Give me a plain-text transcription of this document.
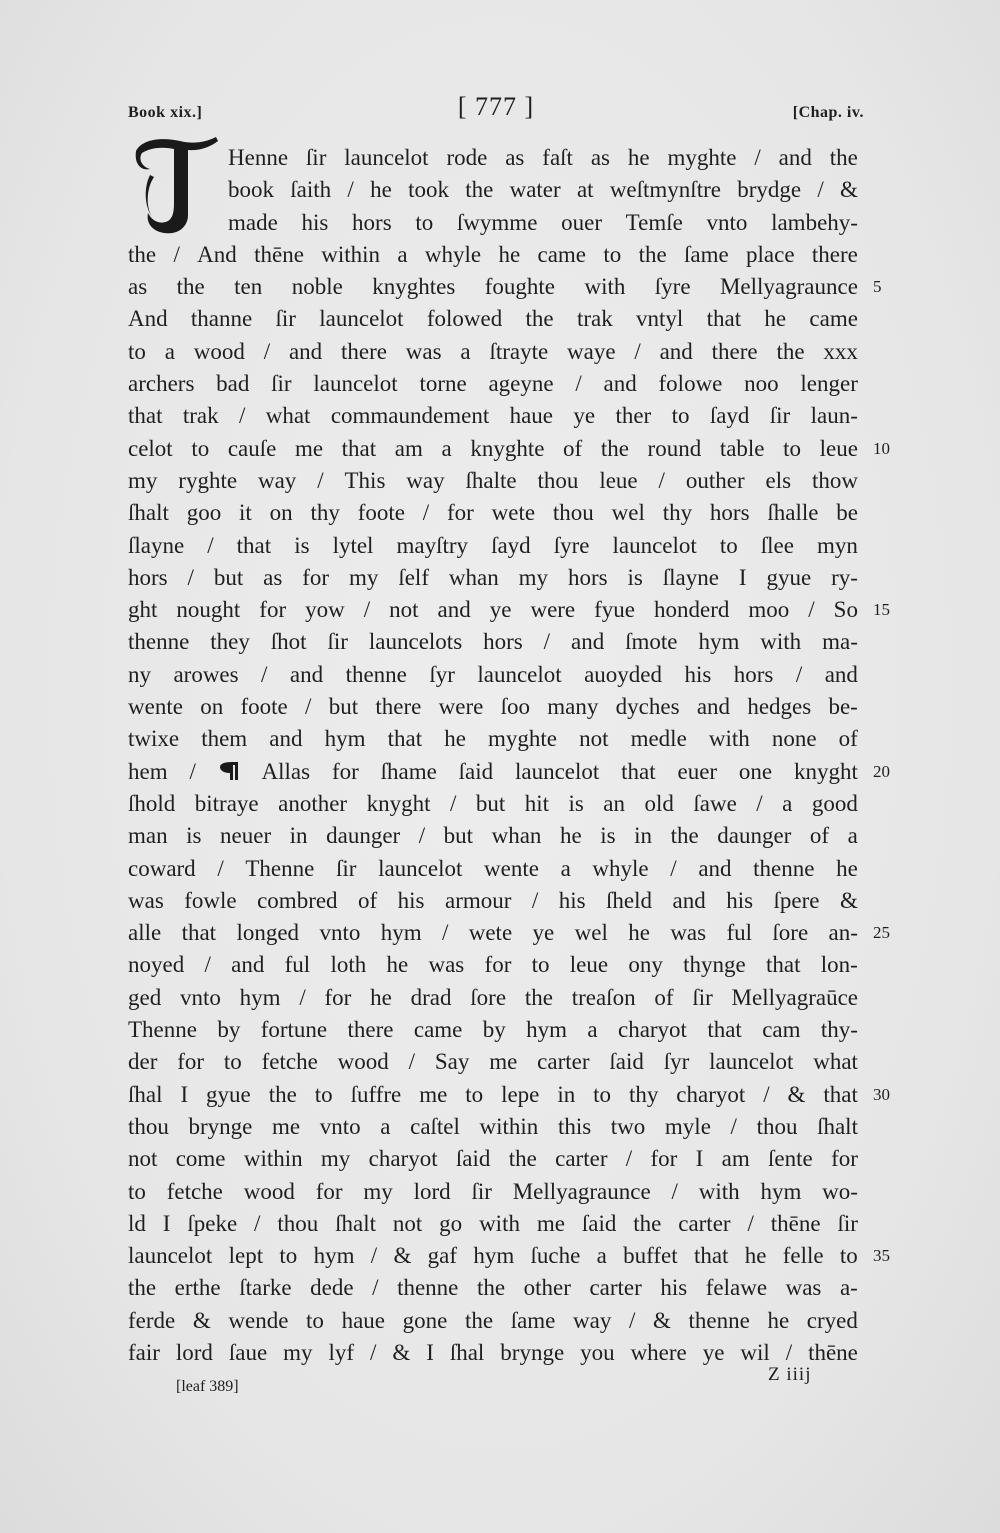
Book xix.]	[ 777 ]	[Chap. iv.
Henne ſir launcelot rode as faſt as he myghte / and the
book ſaith / he took the water at weſtmynſtre brydge / &
made his hors to ſwymme ouer Temſe vnto lambehy-
the / And thēne within a whyle he came to the ſame place there
as the ten noble knyghtes foughte with ſyre Mellyagraunce 5
And thanne ſir launcelot folowed the trak vntyl that he came
to a wood / and there was a ſtrayte waye / and there the xxx
archers bad ſir launcelot torne ageyne / and folowe noo lenger
that trak / what commaundement haue ye ther to ſayd ſir laun-
celot to cauſe me that am a knyghte of the round table to leue 10
my ryghte way / This way ſhalte thou leue / outher els thow
ſhalt goo it on thy foote / for wete thou wel thy hors ſhalle be
ſlayne / that is lytel mayſtry ſayd ſyre launcelot to ſlee myn
hors / but as for my ſelf whan my hors is ſlayne I gyue ry-
ght nought for yow / not and ye were fyue honderd moo / So 15
thenne they ſhot ſir launcelots hors / and ſmote hym with ma-
ny arowes / and thenne ſyr launcelot auoyded his hors / and
wente on foote / but there were ſoo many dyches and hedges be-
twixe them and hym that he myghte not medle with none of
hem /	Allas for ſhame ſaid launcelot that euer one knyght 20
ſhold bitraye another knyght / but hit is an old ſawe / a good
man is neuer in daunger / but whan he is in the daunger of a
coward / Thenne ſir launcelot wente a whyle / and thenne he
was fowle combred of his armour / his ſheld and his ſpere &
alle that longed vnto hym / wete ye wel he was ful ſore an- 25
noyed / and ful loth he was for to leue ony thynge that lon-
ged vnto hym / for he drad ſore the treaſon of ſir Mellyagraūce
Thenne by fortune there came by hym a charyot that cam thy-
der for to fetche wood / Say me carter ſaid ſyr launcelot what
ſhal I gyue the to ſuffre me to lepe in to thy charyot / & that 30
thou brynge me vnto a caſtel within this two myle / thou ſhalt
not come within my charyot ſaid the carter / for I am ſente for
to fetche wood for my lord ſir Mellyagraunce / with hym wo-
ld I ſpeke / thou ſhalt not go with me ſaid the carter / thēne ſir
launcelot lept to hym / & gaf hym ſuche a buffet that he felle to 35
the erthe ſtarke dede / thenne the other carter his felawe was a-
ferde & wende to haue gone the ſame way / & thenne he cryed
fair lord ſaue my lyf / & I ſhal brynge you where ye wil / thēne
[leaf 389]
Z iiij
